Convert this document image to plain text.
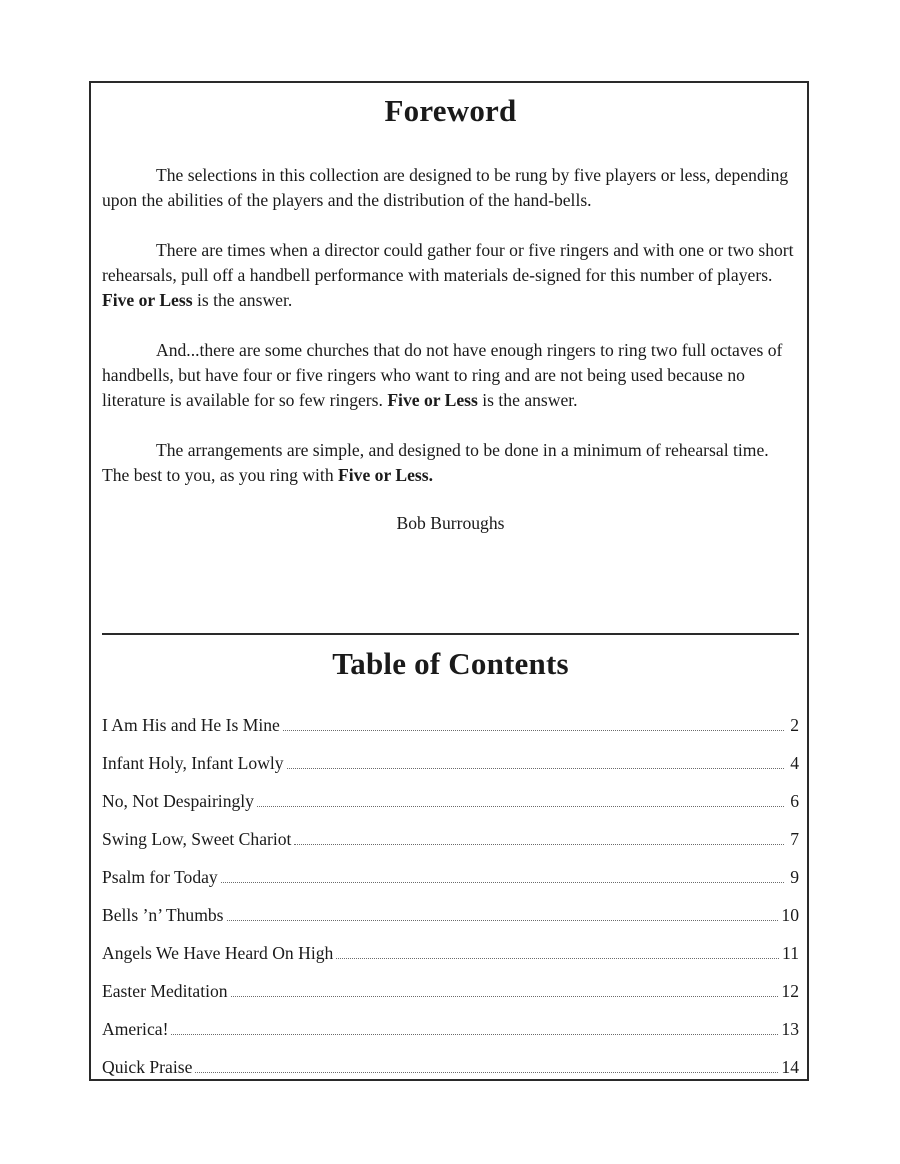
Foreword

The selections in this collection are designed to be rung by five players or less, depending upon the abilities of the players and the distribution of the hand-bells.

There are times when a director could gather four or five ringers and with one or two short rehearsals, pull off a handbell performance with materials de-signed for this number of players. Five or Less is the answer.

And...there are some churches that do not have enough ringers to ring two full octaves of handbells, but have four or five ringers who want to ring and are not being used because no literature is available for so few ringers. Five or Less is the answer.

The arrangements are simple, and designed to be done in a minimum of rehearsal time. The best to you, as you ring with Five or Less.

Bob Burroughs
Table of Contents
I Am His and He Is Mine	2
Infant Holy, Infant Lowly	4
No, Not Despairingly	6
Swing Low, Sweet Chariot	7
Psalm for Today	9
Bells ’n’ Thumbs	10
Angels We Have Heard On High	11
Easter Meditation	12
America!	13
Quick Praise	14
